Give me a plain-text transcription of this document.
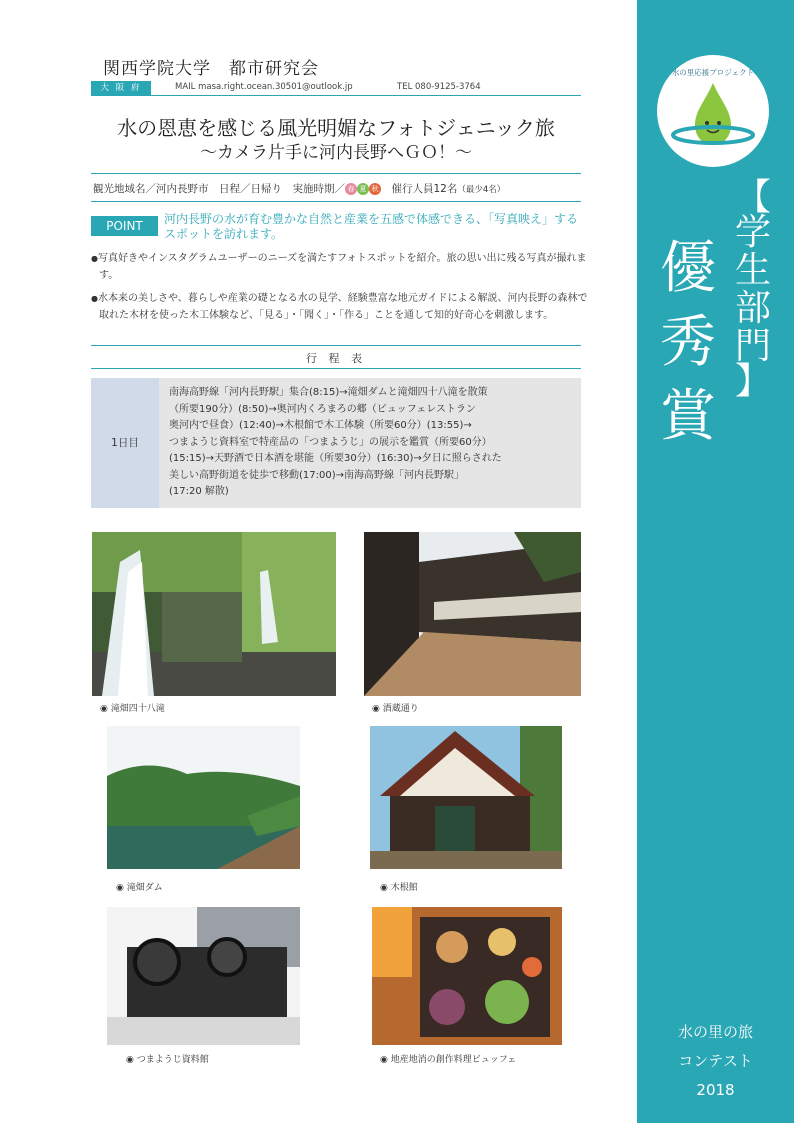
関西学院大学　都市研究会
大 阪 府	MAIL masa.right.ocean.30501@outlook.jp	TEL 080-9125-3764
水の恩恵を感じる風光明媚なフォトジェニック旅
～カメラ片手に河内長野へＧＯ！～
観光地域名／河内長野市　日程／日帰り　実施時期／ 春 夏 秋　催行人員12名（最少4名）
POINT	河内長野の水が育む豊かな自然と産業を五感で体感できる、「写真映え」するスポットを訪れます。
● 写真好きやインスタグラムユーザーのニーズを満たすフォトスポットを紹介。旅の思い出に残る写真が撮れます。
● 水本来の美しさや、暮らしや産業の礎となる水の見学、経験豊富な地元ガイドによる解説、河内長野の森林で取れた木材を使った木工体験など、「見る」・「聞く」・「作る」ことを通して知的好奇心を刺激します。
行 程 表
1日目
南海高野線「河内長野駅」集合(8:15)→滝畑ダムと滝畑四十八滝を散策
（所要190分）(8:50)→奥河内くろまろの郷（ビュッフェレストラン
奥河内で昼食）(12:40)→木根館で木工体験（所要60分）(13:55)→
つまようじ資料室で特産品の「つまようじ」の展示を鑑賞（所要60分）
(15:15)→天野酒で日本酒を堪能（所要30分）(16:30)→夕日に照らされた
美しい高野街道を徒歩で移動(17:00)→南海高野線「河内長野駅」
(17:20 解散)
◉ 滝畑四十八滝	◉ 酒蔵通り
◉ 滝畑ダム	◉ 木根館
◉ つまようじ資料館	◉ 地産地消の創作料理ビュッフェ
水の里応援プロジェクト
【
学
生
部
門
】
優
秀
賞
水の里の旅
コンテスト
2018
